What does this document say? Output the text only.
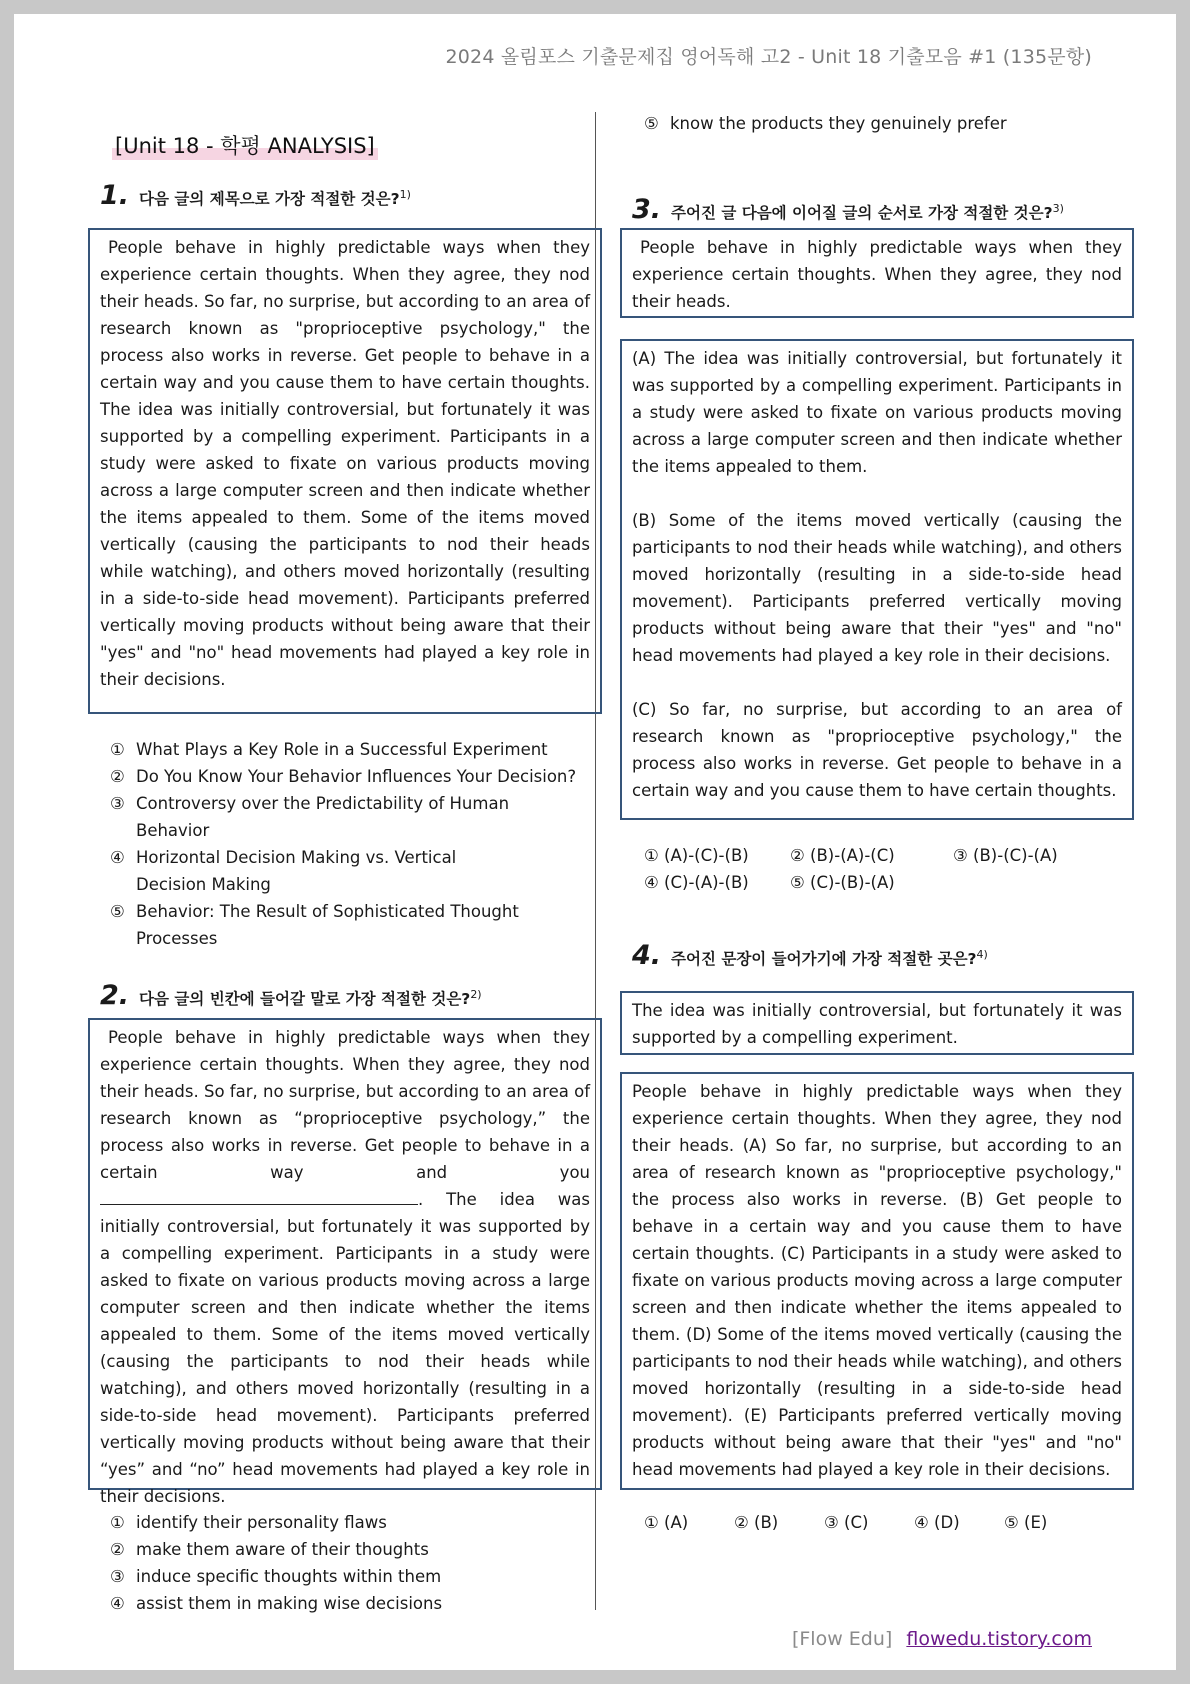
2024 올림포스 기출문제집 영어독해 고2 - Unit 18 기출모음 #1 (135문항)
[Unit 18 - 학평 ANALYSIS]
1. 다음 글의 제목으로 가장 적절한 것은?$^{1)}$

People behave in highly predictable ways when they experience certain thoughts. When they agree, they nod their heads. So far, no surprise, but according to an area of research known as "proprioceptive psychology," the process also works in reverse. Get people to behave in a certain way and you cause them to have certain thoughts. The idea was initially controversial, but fortunately it was supported by a compelling experiment. Participants in a study were asked to fixate on various products moving across a large computer screen and then indicate whether the items appealed to them. Some of the items moved vertically (causing the participants to nod their heads while watching), and others moved horizontally (resulting in a side-to-side head movement). Participants preferred vertically moving products without being aware that their "yes" and "no" head movements had played a key role in their decisions.

① What Plays a Key Role in a Successful Experiment
② Do You Know Your Behavior Influences Your Decision?
③ Controversy over the Predictability of Human Behavior
④ Horizontal Decision Making vs. Vertical Decision Making
⑤ Behavior: The Result of Sophisticated Thought Processes
2. 다음 글의 빈칸에 들어갈 말로 가장 적절한 것은?$^{2)}$

People behave in highly predictable ways when they experience certain thoughts. When they agree, they nod their heads. So far, no surprise, but according to an area of research known as “proprioceptive psychology,” the process also works in reverse. Get people to behave in a certain way and you . The idea was initially controversial, but fortunately it was supported by a compelling experiment. Participants in a study were asked to fixate on various products moving across a large computer screen and then indicate whether the items appealed to them. Some of the items moved vertically (causing the participants to nod their heads while watching), and others moved horizontally (resulting in a side-to-side head movement). Participants preferred vertically moving products without being aware that their “yes” and “no” head movements had played a key role in their decisions.

① identify their personality flaws
② make them aware of their thoughts
③ induce specific thoughts within them
④ assist them in making wise decisions
⑤ know the products they genuinely prefer
3. 주어진 글 다음에 이어질 글의 순서로 가장 적절한 것은?$^{3)}$

People behave in highly predictable ways when they experience certain thoughts. When they agree, they nod their heads.

(A) The idea was initially controversial, but fortunately it was supported by a compelling experiment. Participants in a study were asked to fixate on various products moving across a large computer screen and then indicate whether the items appealed to them.

(B) Some of the items moved vertically (causing the participants to nod their heads while watching), and others moved horizontally (resulting in a side-to-side head movement). Participants preferred vertically moving products without being aware that their "yes" and "no" head movements had played a key role in their decisions.

(C) So far, no surprise, but according to an area of research known as "proprioceptive psychology," the process also works in reverse. Get people to behave in a certain way and you cause them to have certain thoughts.

① (A)-(C)-(B)	② (B)-(A)-(C)	③ (B)-(C)-(A)
④ (C)-(A)-(B)	⑤ (C)-(B)-(A)
4. 주어진 문장이 들어가기에 가장 적절한 곳은?$^{4)}$

The idea was initially controversial, but fortunately it was supported by a compelling experiment.

People behave in highly predictable ways when they experience certain thoughts. When they agree, they nod their heads. (A) So far, no surprise, but according to an area of research known as "proprioceptive psychology," the process also works in reverse. (B) Get people to behave in a certain way and you cause them to have certain thoughts. (C) Participants in a study were asked to fixate on various products moving across a large computer screen and then indicate whether the items appealed to them. (D) Some of the items moved vertically (causing the participants to nod their heads while watching), and others moved horizontally (resulting in a side-to-side head movement). (E) Participants preferred vertically moving products without being aware that their "yes" and "no" head movements had played a key role in their decisions.

① (A)	② (B)	③ (C)	④ (D)	⑤ (E)
[Flow Edu] flowedu.tistory.com
